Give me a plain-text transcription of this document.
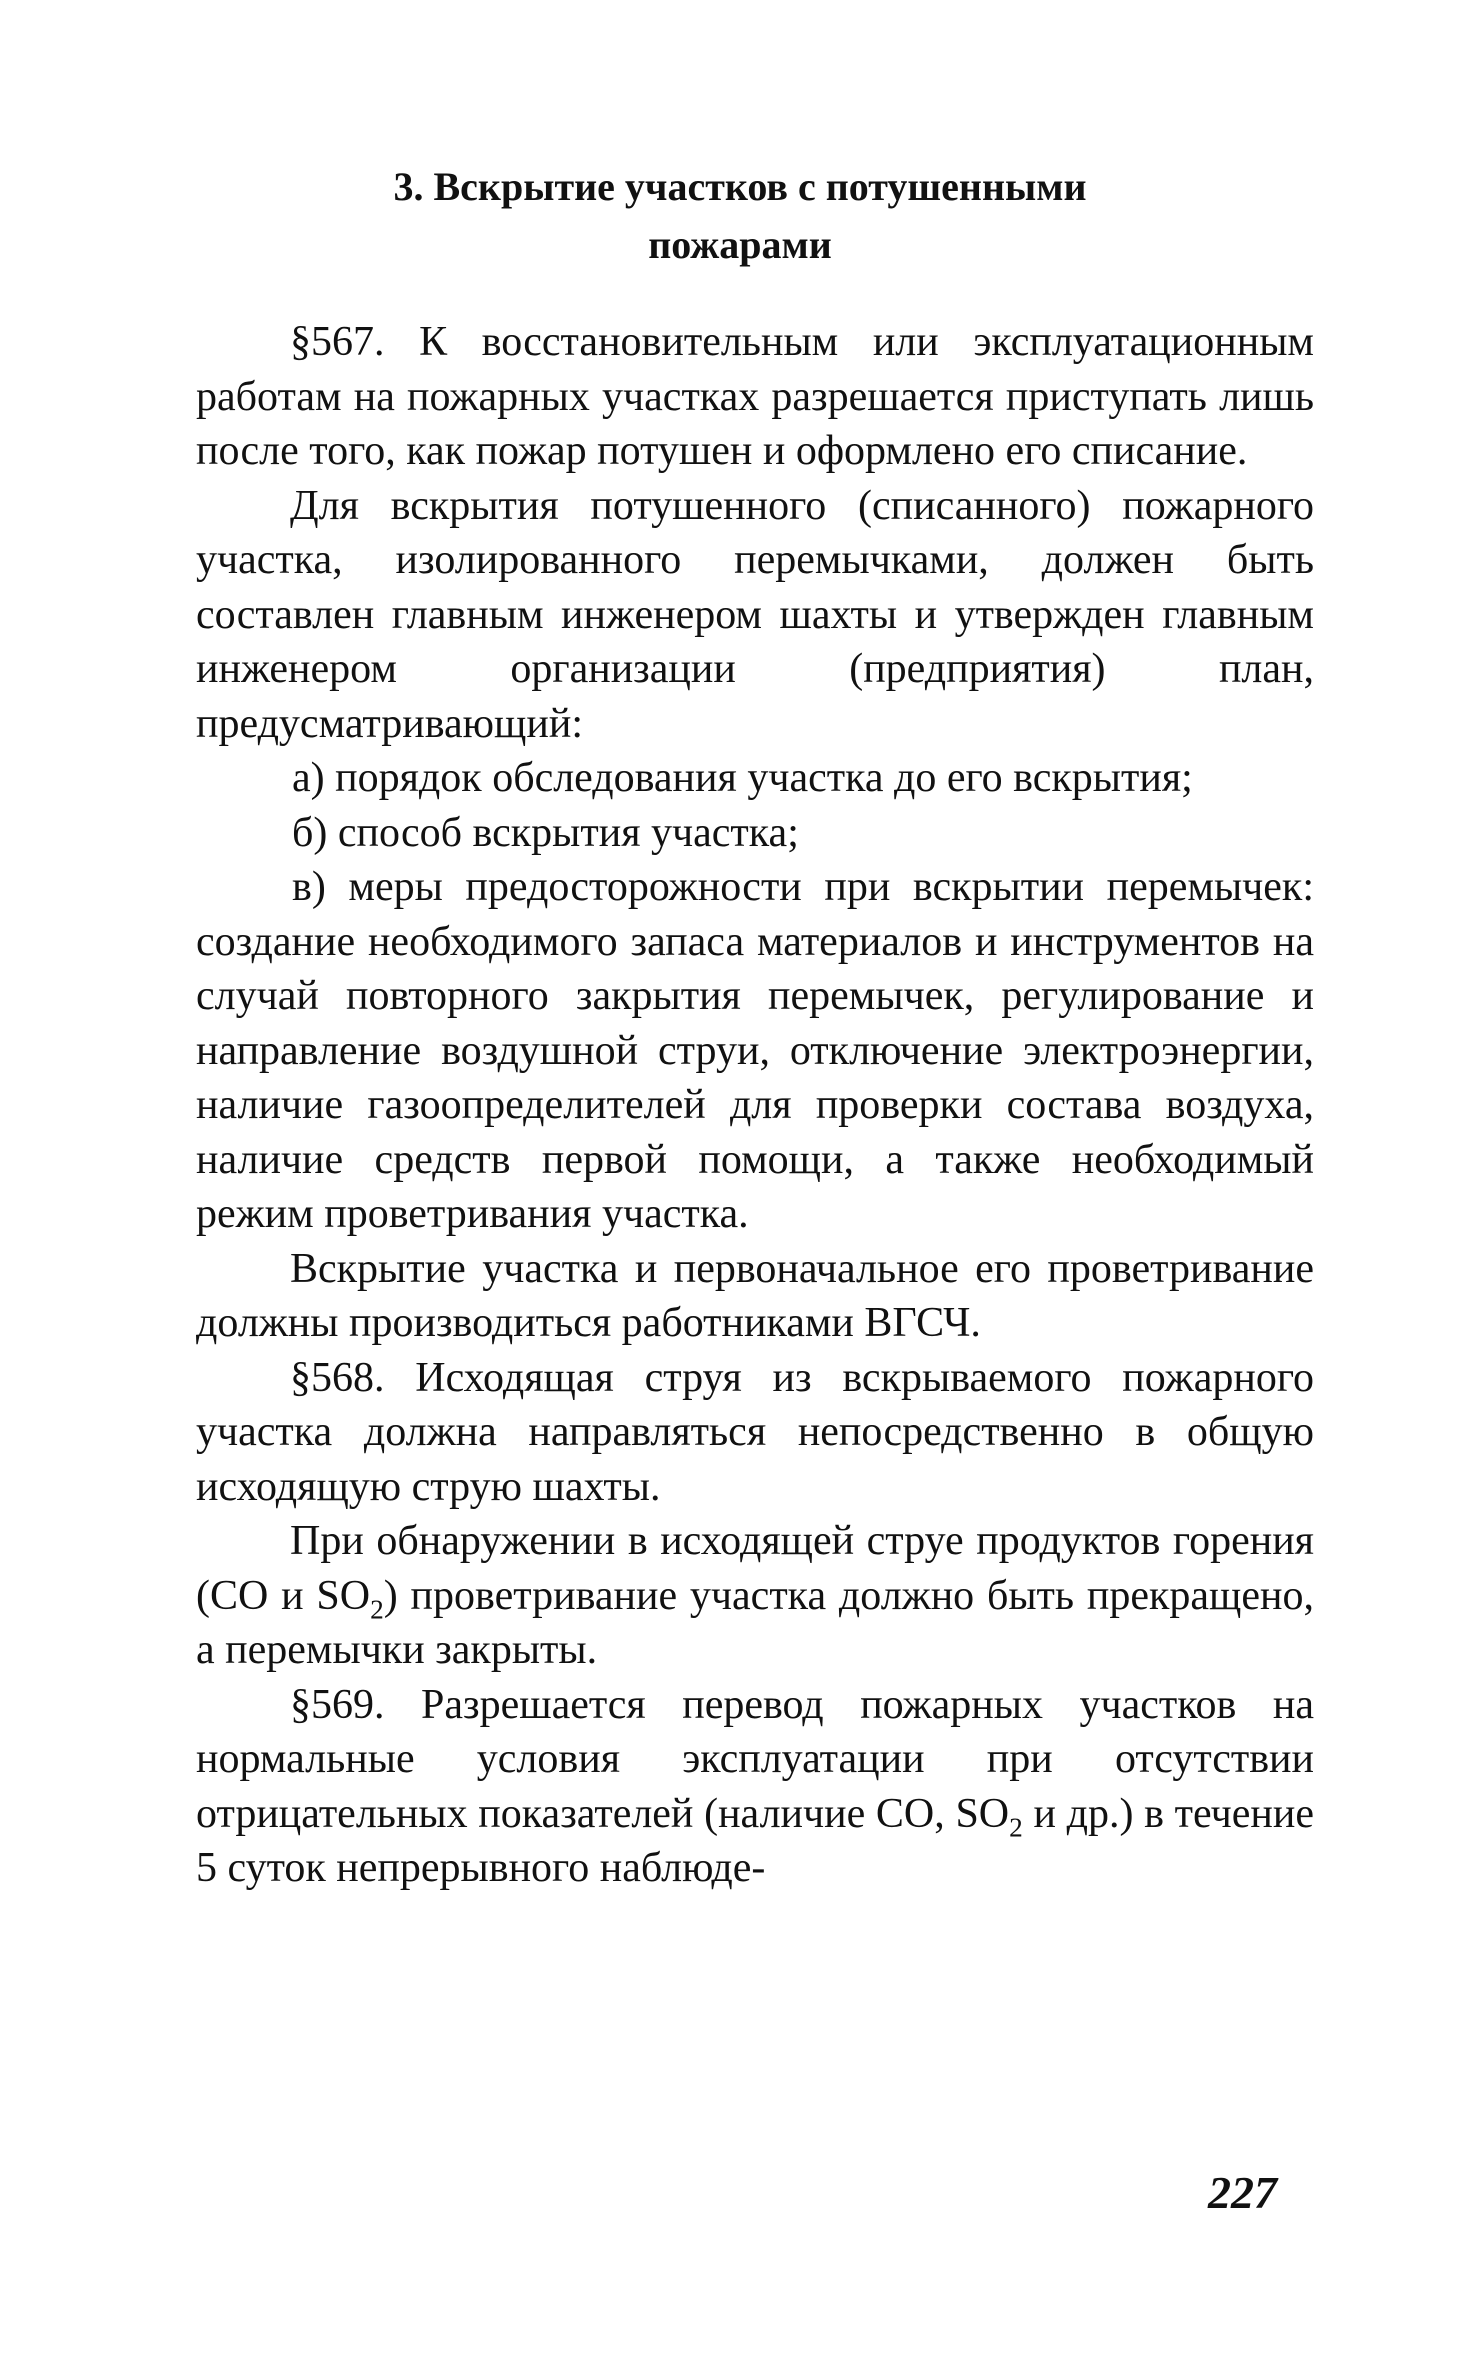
3. Вскрытие участков с потушенными
пожарами

§567. К восстановительным или эксплуатационным работам на пожарных участках разрешается приступать лишь после того, как пожар потушен и оформлено его списание.

Для вскрытия потушенного (списанного) пожарного участка, изолированного перемычками, должен быть составлен главным инженером шахты и утвержден главным инженером организации (предприятия) план, предусматривающий:

а) порядок обследования участка до его вскрытия;

б) способ вскрытия участка;

в) меры предосторожности при вскрытии перемычек: создание необходимого запаса материалов и инструментов на случай повторного закрытия перемычек, регулирование и направление воздушной струи, отключение электроэнергии, наличие газоопределителей для проверки состава воздуха, наличие средств первой помощи, а также необходимый режим проветривания участка.

Вскрытие участка и первоначальное его проветривание должны производиться работниками ВГСЧ.

§568. Исходящая струя из вскрываемого пожарного участка должна направляться непосредственно в общую исходящую струю шахты.

При обнаружении в исходящей струе продуктов горения (СО и $SO_2$) проветривание участка должно быть прекращено, а перемычки закрыты.

§569. Разрешается перевод пожарных участков на нормальные условия эксплуатации при отсутствии отрицательных показателей (наличие СО, $SO_2$ и др.) в течение 5 суток непрерывного наблюде-

227
